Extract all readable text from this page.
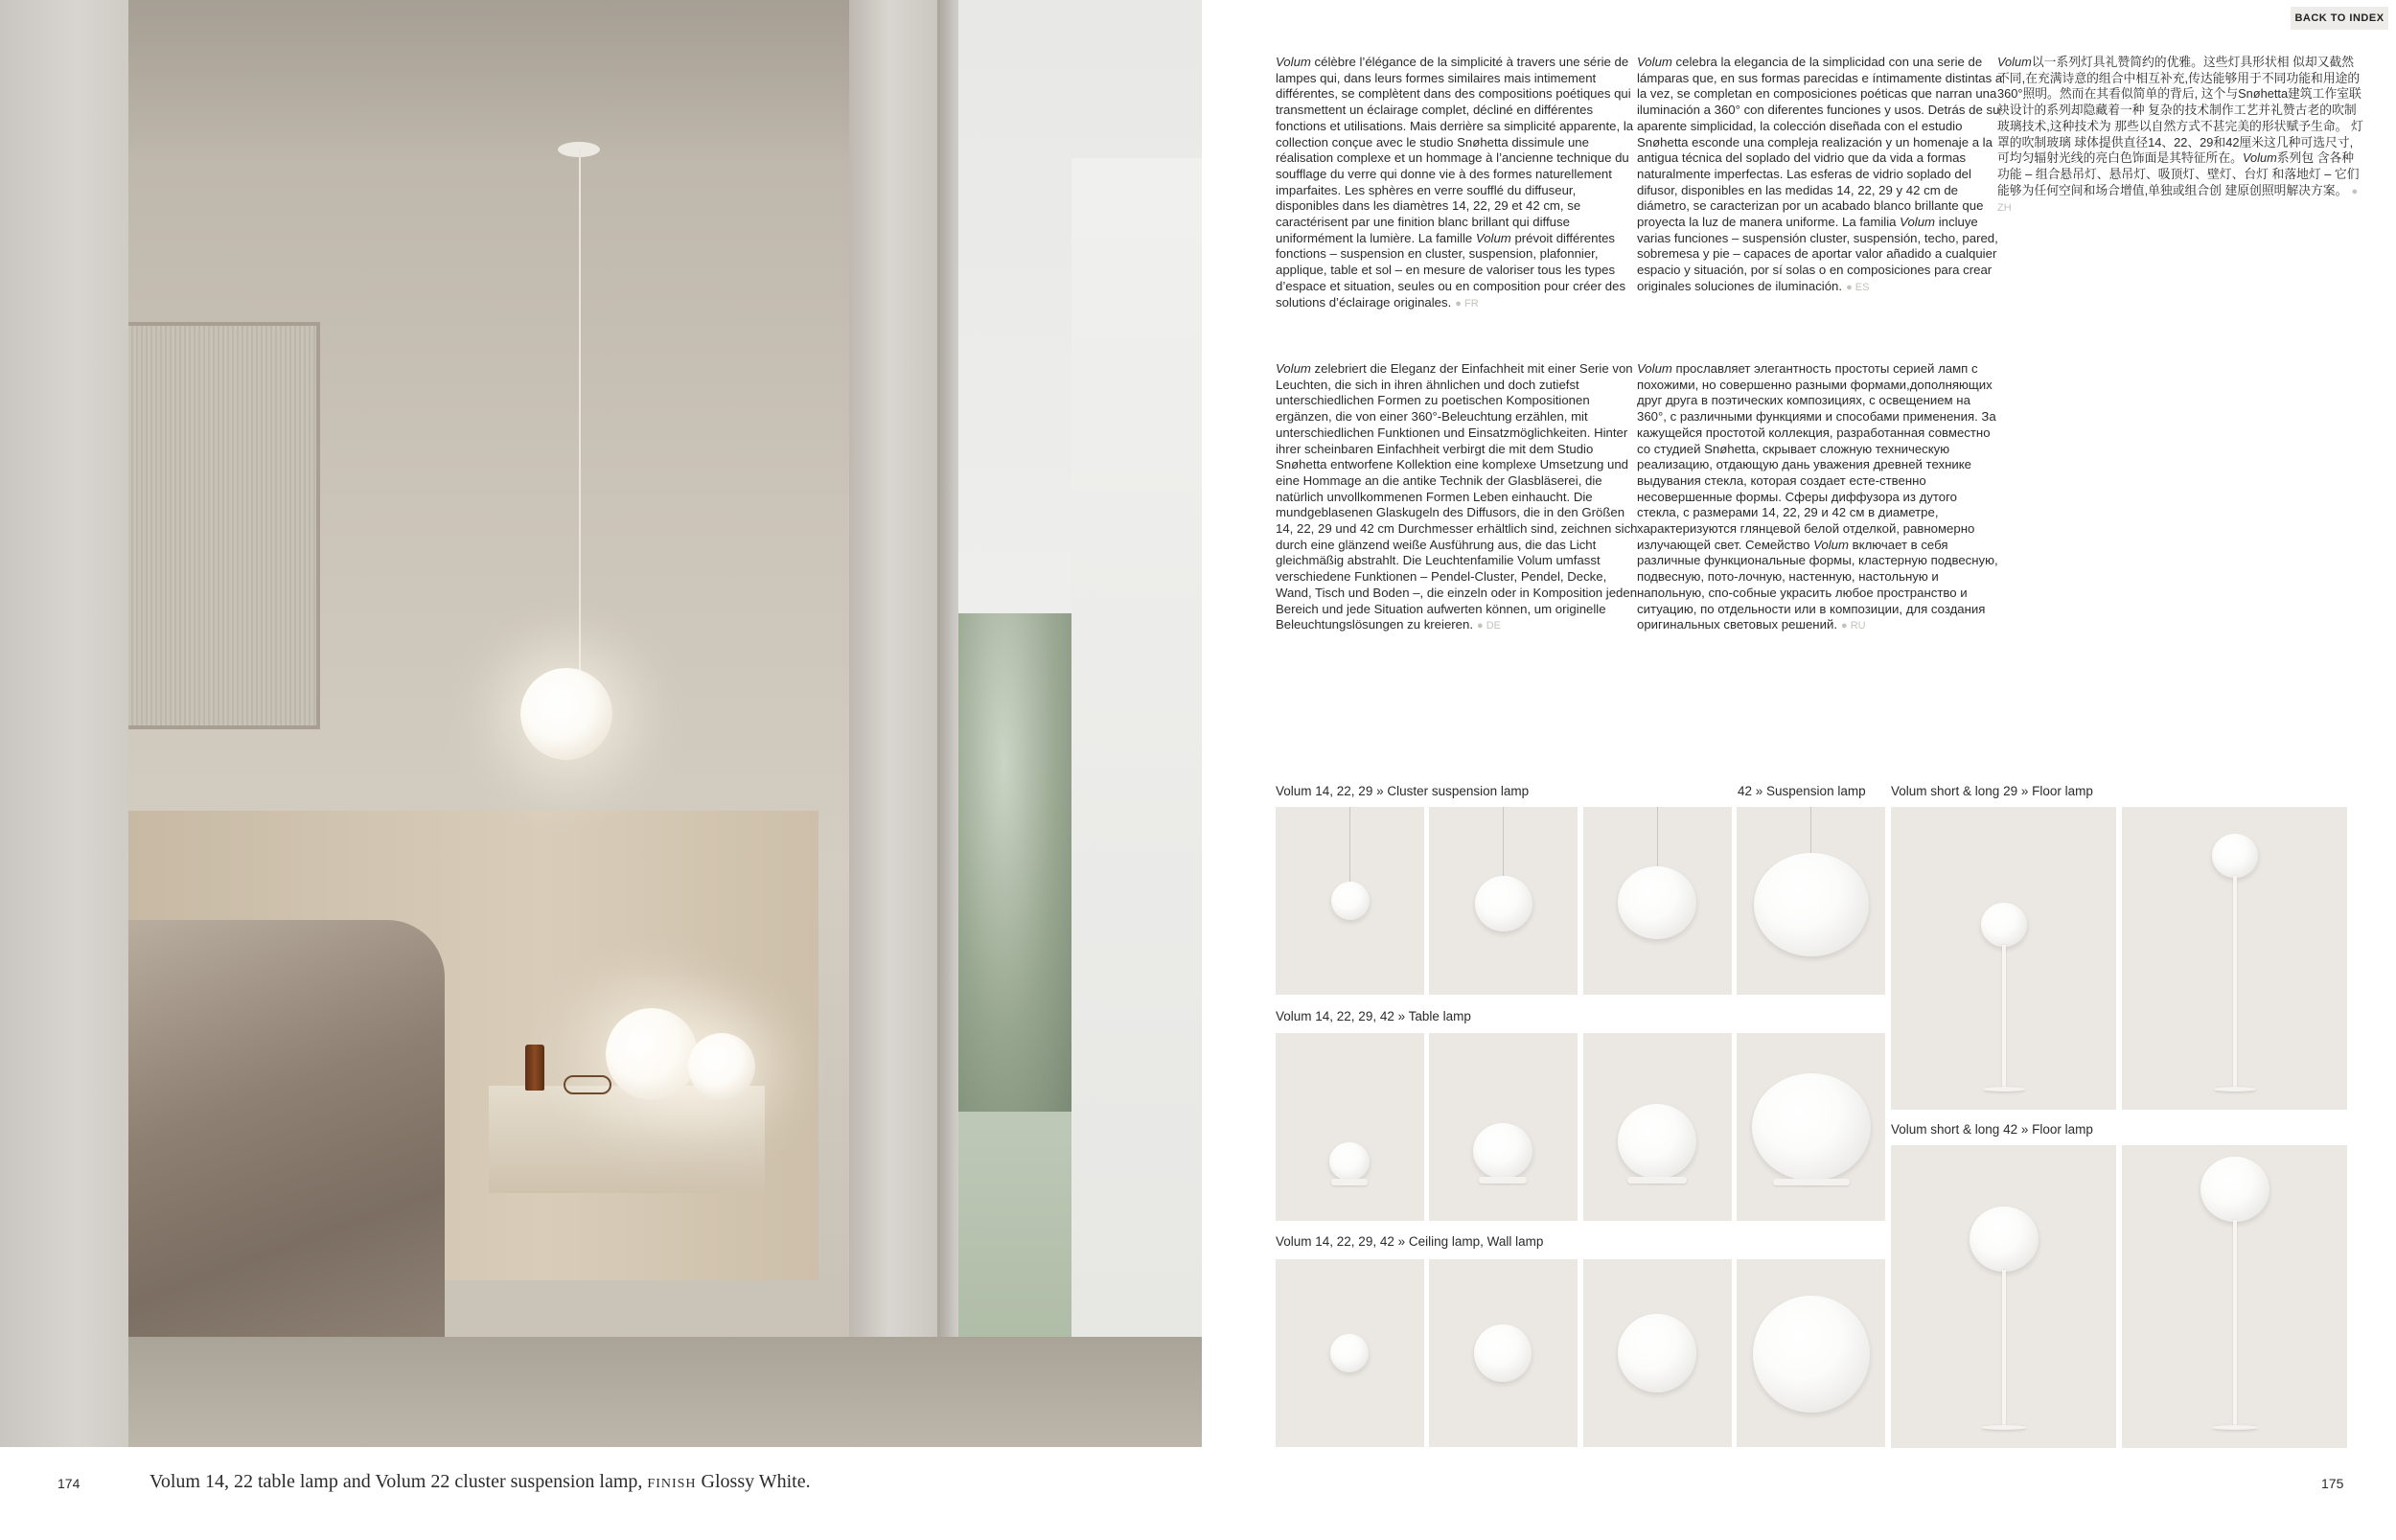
BACK TO INDEX

Volum célèbre l’élégance de la simplicité à travers une série de lampes qui, dans leurs formes similaires mais intimement différentes, se complètent dans des compositions poétiques qui transmettent un éclairage complet, décliné en différentes fonctions et utilisations. Mais derrière sa simplicité apparente, la collection conçue avec le studio Snøhetta dissimule une réalisation complexe et un hommage à l’ancienne technique du soufflage du verre qui donne vie à des formes naturellement imparfaites. Les sphères en verre soufflé du diffuseur, disponibles dans les diamètres 14, 22, 29 et 42 cm, se caractérisent par une finition blanc brillant qui diffuse uniformément la lumière. La famille Volum prévoit différentes fonctions – suspension en cluster, suspension, plafonnier, applique, table et sol – en mesure de valoriser tous les types d’espace et situation, seules ou en composition pour créer des solutions d’éclairage originales. ● FR

Volum celebra la elegancia de la simplicidad con una serie de lámparas que, en sus formas parecidas e íntimamente distintas a la vez, se completan en composiciones poéticas que narran una iluminación a 360° con diferentes funciones y usos. Detrás de su aparente simplicidad, la colección diseñada con el estudio Snøhetta esconde una compleja realización y un homenaje a la antigua técnica del soplado del vidrio que da vida a formas naturalmente imperfectas. Las esferas de vidrio soplado del difusor, disponibles en las medidas 14, 22, 29 y 42 cm de diámetro, se caracterizan por un acabado blanco brillante que proyecta la luz de manera uniforme. La familia Volum incluye varias funciones – suspensión cluster, suspensión, techo, pared, sobremesa y pie – capaces de aportar valor añadido a cualquier espacio y situación, por sí solas o en composiciones para crear originales soluciones de iluminación. ● ES

Volum以一系列灯具礼赞简约的优雅。这些灯具形状相 似却又截然不同,在充满诗意的组合中相互补充,传达能够用于不同功能和用途的360°照明。然而在其看似简单的背后, 这个与Snøhetta建筑工作室联袂设计的系列却隐藏着一种 复杂的技术制作工艺并礼赞古老的吹制玻璃技术,这种技术为 那些以自然方式不甚完美的形状赋予生命。 灯罩的吹制玻璃 球体提供直径14、22、29和42厘米这几种可选尺寸, 可均匀辐射光线的亮白色饰面是其特征所在。Volum系列包 含各种功能 – 组合悬吊灯、悬吊灯、吸顶灯、壁灯、台灯 和落地灯 – 它们能够为任何空间和场合增值,单独或组合创 建原创照明解决方案。 ● ZH

Volum zelebriert die Eleganz der Einfachheit mit einer Serie von Leuchten, die sich in ihren ähnlichen und doch zutiefst unterschiedlichen Formen zu poetischen Kompositionen ergänzen, die von einer 360°-Beleuchtung erzählen, mit unterschiedlichen Funktionen und Einsatzmöglichkeiten. Hinter ihrer scheinbaren Einfachheit verbirgt die mit dem Studio Snøhetta entworfene Kollektion eine komplexe Umsetzung und eine Hommage an die antike Technik der Glasbläserei, die natürlich unvollkommenen Formen Leben einhaucht. Die mundgeblasenen Glaskugeln des Diffusors, die in den Größen 14, 22, 29 und 42 cm Durchmesser erhältlich sind, zeichnen sich durch eine glänzend weiße Ausführung aus, die das Licht gleichmäßig abstrahlt. Die Leuchtenfamilie Volum umfasst verschiedene Funktionen – Pendel-Cluster, Pendel, Decke, Wand, Tisch und Boden –, die einzeln oder in Komposition jeden Bereich und jede Situation aufwerten können, um originelle Beleuchtungslösungen zu kreieren. ● DE

Volum прославляет элегантность простоты серией ламп с похожими, но совершенно разными формами,дополняющих друг друга в поэтических композициях, с освещением на 360°, с различными функциями и способами применения. За кажущейся простотой коллекция, разработанная совместно со студией Snøhetta, скрывает сложную техническую реализацию, отдающую дань уважения древней технике выдувания стекла, которая создает есте-ственно несовершенные формы. Сферы диффузора из дутого стекла, с размерами 14, 22, 29 и 42 см в диаметре, характеризуются глянцевой белой отделкой, равномерно излучающей свет. Семейство Volum включает в себя различные функциональные формы, кластерную подвесную, подвесную, пото-лочную, настенную, настольную и напольную, спо-собные украсить любое пространство и ситуацию, по отдельности или в композиции, для создания оригинальных световых решений. ● RU

Volum 14, 22, 29 » Cluster suspension lamp	42 » Suspension lamp Volum short & long 29 » Floor lamp
Volum 14, 22, 29, 42 » Table lamp
Volum short & long 42 » Floor lamp
Volum 14, 22, 29, 42 » Ceiling lamp, Wall lamp
174	Volum 14, 22 table lamp and Volum 22 cluster suspension lamp, finish Glossy White.	175
